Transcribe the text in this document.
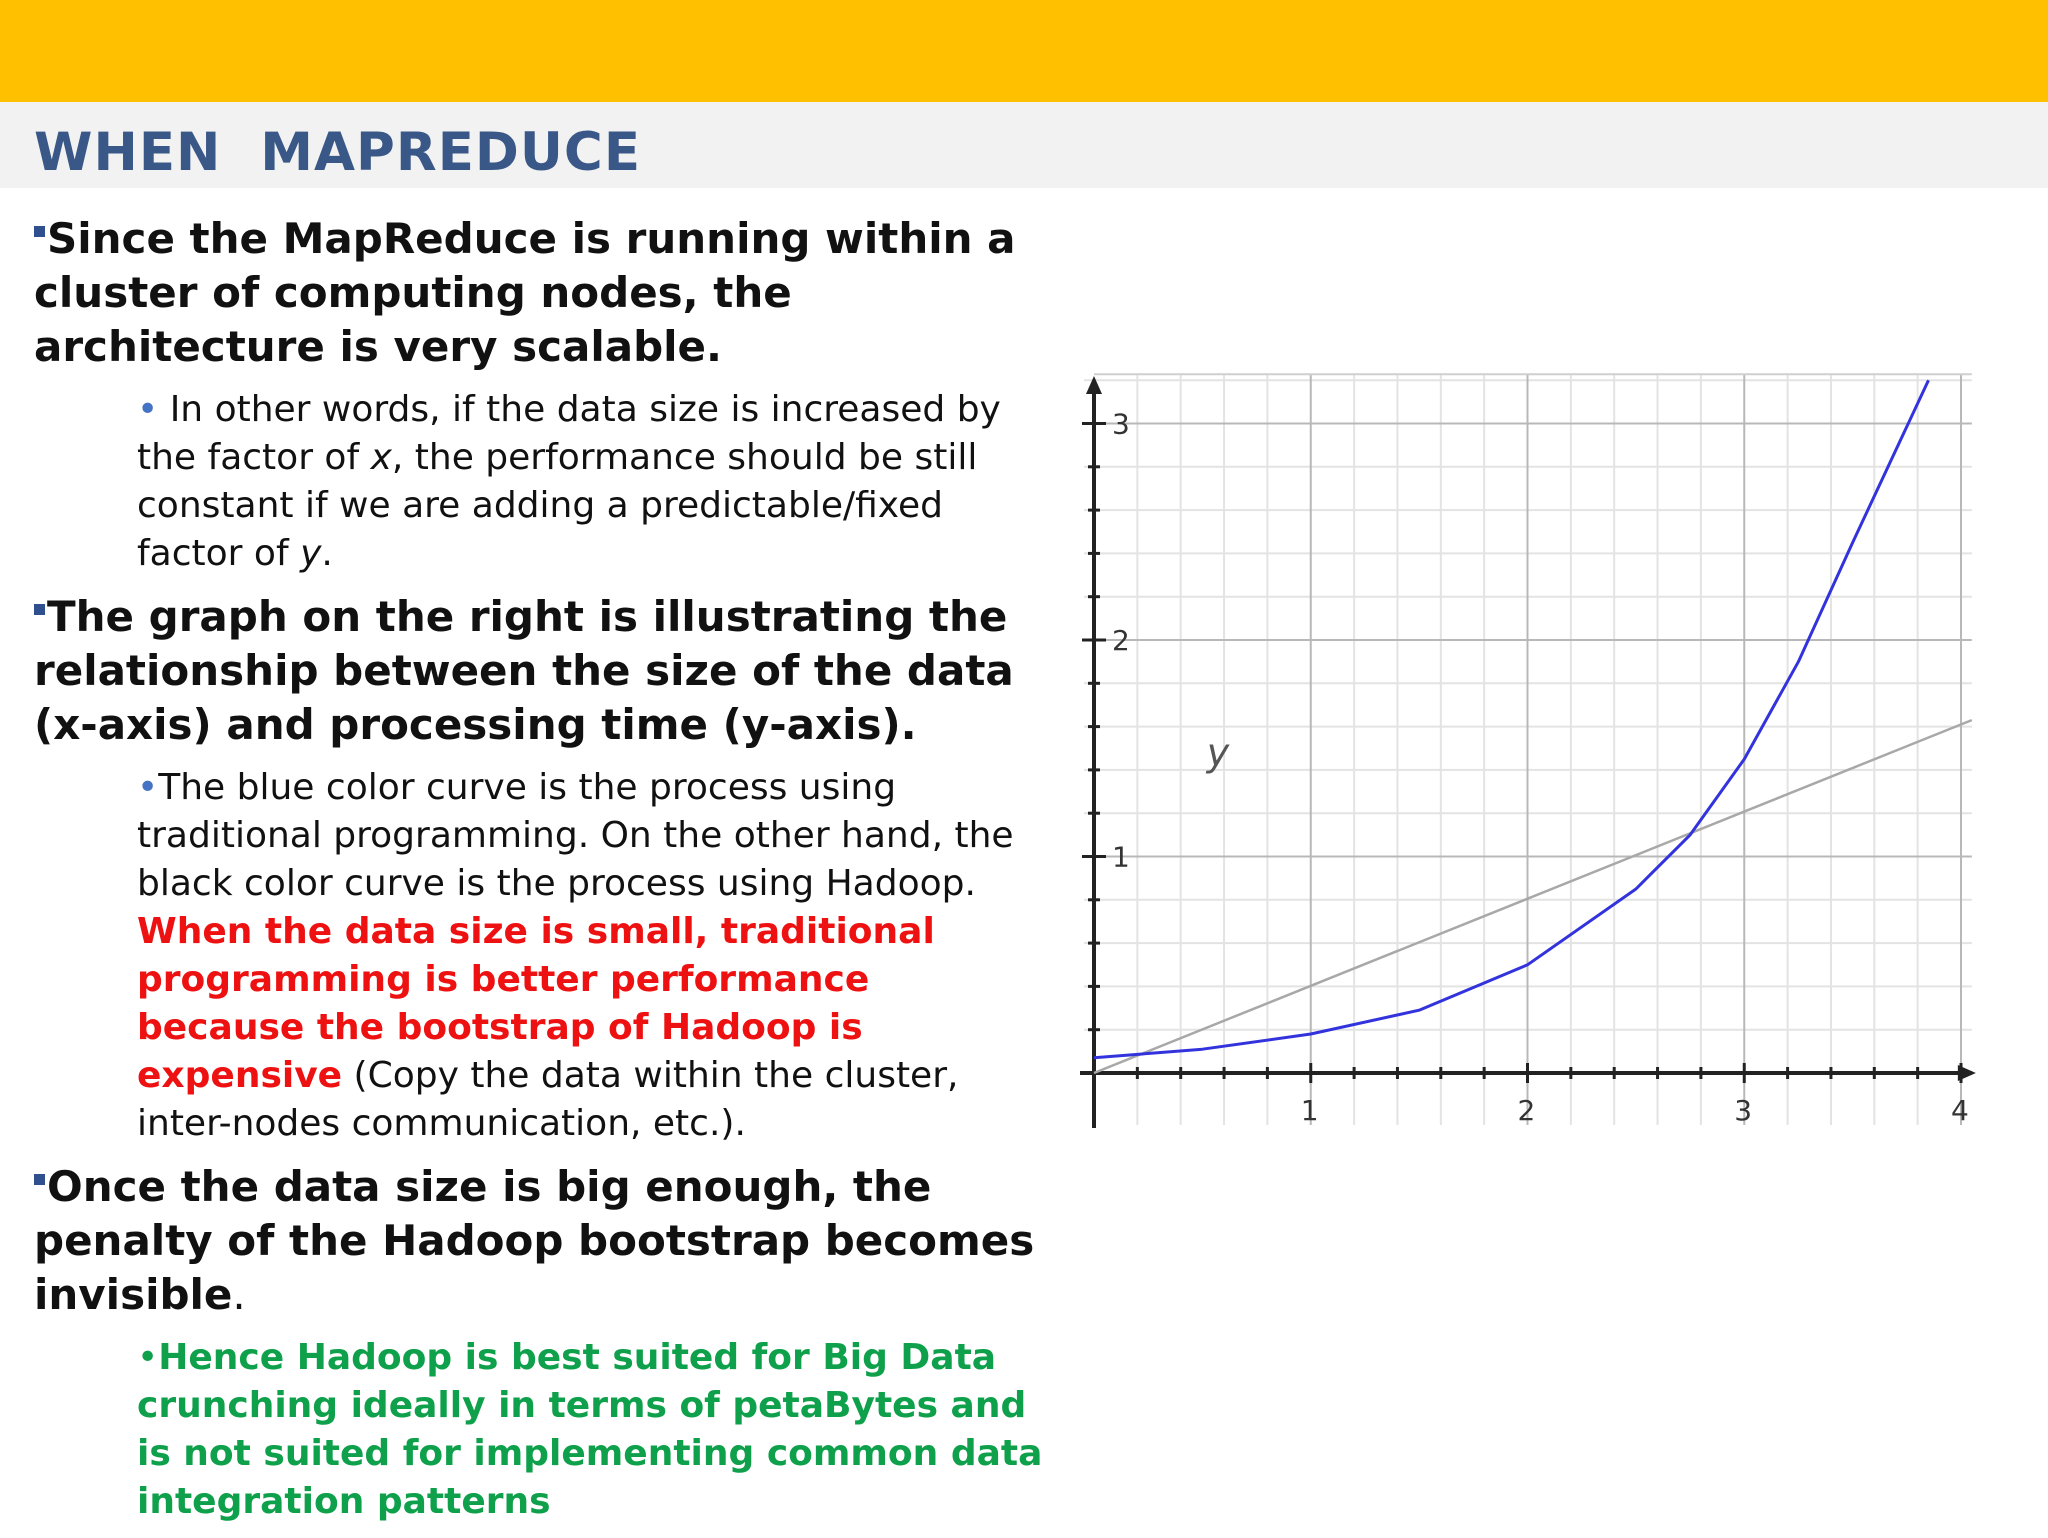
WHEN  MAPREDUCE

Since the MapReduce is running within a cluster of computing nodes, the architecture is very scalable.

• In other words, if the data size is increased by the factor of x, the performance should be still constant if we are adding a predictable/fixed factor of y.

The graph on the right is illustrating the relationship between the size of the data (x-axis) and processing time (y-axis).

•The blue color curve is the process using traditional programming. On the other hand, the black color curve is the process using Hadoop. When the data size is small, traditional programming is better performance because the bootstrap of Hadoop is expensive (Copy the data within the cluster, inter-nodes communication, etc.).

Once the data size is big enough, the penalty of the Hadoop bootstrap becomes invisible.

•Hence Hadoop is best suited for Big Data crunching ideally in terms of petaBytes and is not suited for implementing common data integration patterns

1	2	3	4
1
2
3
y
